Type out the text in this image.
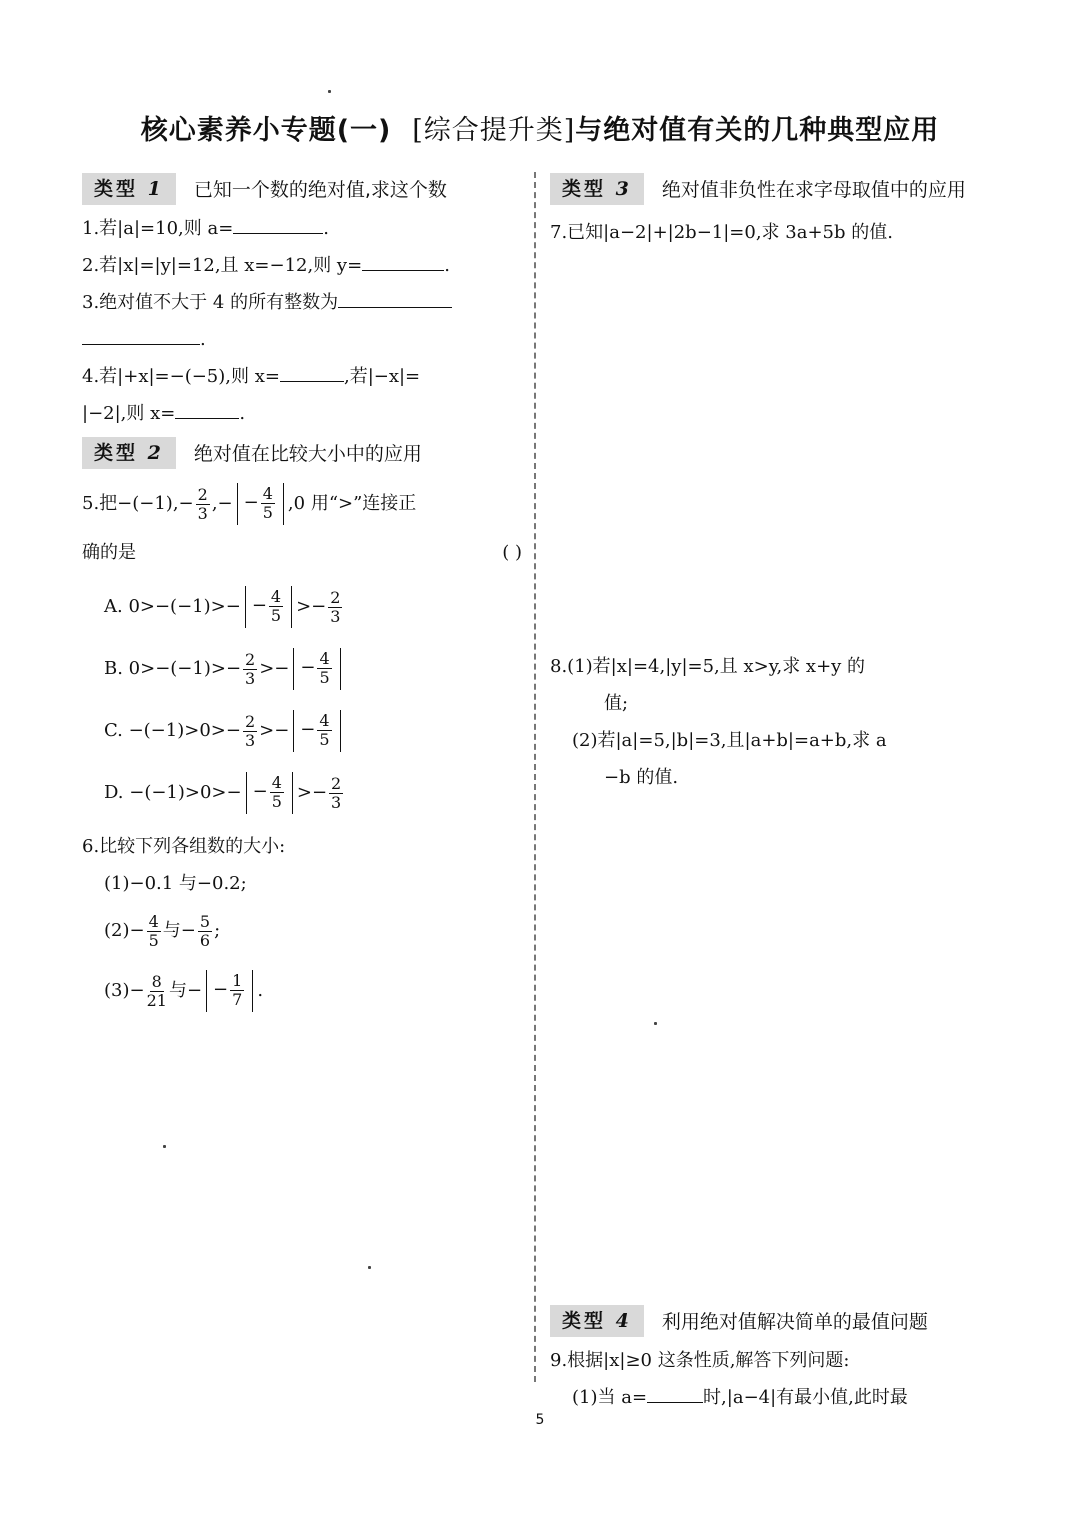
核心素养小专题(一) [综合提升类]与绝对值有关的几种典型应用
类型 1	已知一个数的绝对值,求这个数
1.若|a|=10,则 a=	.
2.若|x|=|y|=12,且 x=−12,则 y=	.
3.绝对值不大于 4 的所有整数为
.
4.若|+x|=−(−5),则 x=	,若|−x|=
|−2|,则 x=	.
类型 2	绝对值在比较大小中的应用
5.把$-(-1),- \frac{2}{3}$ ,− − $\frac{4}{5} ,0$ 用“>”连接正
确的是	( )
A. $0>-(-1)>- - \frac{4}{5} >- \frac{2}{3}$
B. $0>-(-1)>- \frac{2}{3}$ >− − $\frac{4}{5}$
C. $-(-1)>0>- \frac{2}{3}$ >− − $\frac{4}{5}$
D. $-(-1)>0>- - \frac{4}{5} >- \frac{2}{3}$
6.比较下列各组数的大小:
(1)−0.1 与−0.2;
$(2)- \frac{4}{5}$ 与− $\frac{5}{6}$ ;
$(3)- \frac{8}{21}$ 与− − $\frac{1}{7}$ .
类型 3	绝对值非负性在求字母取值中的应用
7.已知|a−2|+|2b−1|=0,求 3a+5b 的值.
8.(1)若|x|=4,|y|=5,且 x>y,求 x+y 的
值;
(2)若|a|=5,|b|=3,且|a+b|=a+b,求 a
−b 的值.
类型 4	利用绝对值解决简单的最值问题
9.根据|x|≥0 这条性质,解答下列问题:
(1)当 a=	时,|a−4|有最小值,此时最
5
